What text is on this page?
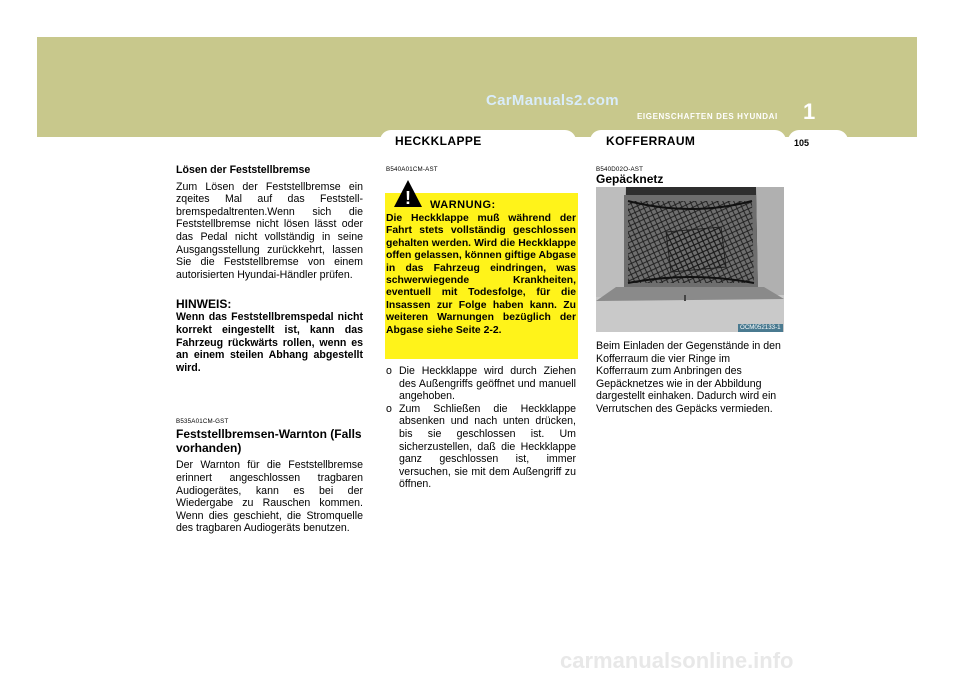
CarManuals2.com
EIGENSCHAFTEN DES HYUNDAI 1
HECKKLAPPE	KOFFERRAUM	105

Lösen der Feststellbremse

Zum Lösen der Feststellbremse ein zqeites Mal auf das Feststell-bremspedaltrenten.Wenn sich die Feststellbremse nicht lösen lässt oder das Pedal nicht vollständig in seine Ausgangsstellung zurückkehrt, lassen Sie die Feststellbremse von einem autorisierten Hyundai-Händler prüfen.

HINWEIS:

Wenn das Feststellbremspedal nicht korrekt eingestellt ist, kann das Fahrzeug rückwärts rollen, wenn es an einem steilen Abhang abgestellt wird.

B535A01CM-GST

Feststellbremsen-Warnton (Falls vorhanden)

Der Warnton für die Feststellbremse erinnert angeschlossen tragbaren Audiogerätes, kann es bei der Wiedergabe zu Rauschen kommen. Wenn dies geschieht, die Stromquelle des tragbaren Audiogeräts benutzen.

B540A01CM-AST
! WARNUNG:
Die Heckklappe muß während der Fahrt stets vollständig geschlossen gehalten werden. Wird die Heckklappe offen gelassen, können giftige Abgase in das Fahrzeug eindringen, was schwerwiegende Krankheiten, eventuell mit Todesfolge, für die Insassen zur Folge haben kann. Zu weiteren Warnungen bezüglich der Abgase siehe Seite 2-2.
o Die Heckklappe wird durch Ziehen des Außengriffs geöffnet und manuell angehoben.
o Zum Schließen die Heckklappe absenken und nach unten drücken, bis sie geschlossen ist. Um sicherzustellen, daß die Heckklappe ganz geschlossen ist, immer versuchen, sie mit dem Außengriff zu öffnen.
B540D02O-AST
Gepäcknetz
OCM052133-1

Beim Einladen der Gegenstände in den Kofferraum die vier Ringe im Kofferraum zum Anbringen des Gepäcknetzes wie in der Abbildung dargestellt einhaken. Dadurch wird ein Verrutschen des Gepäcks vermieden.

carmanualsonline.info
